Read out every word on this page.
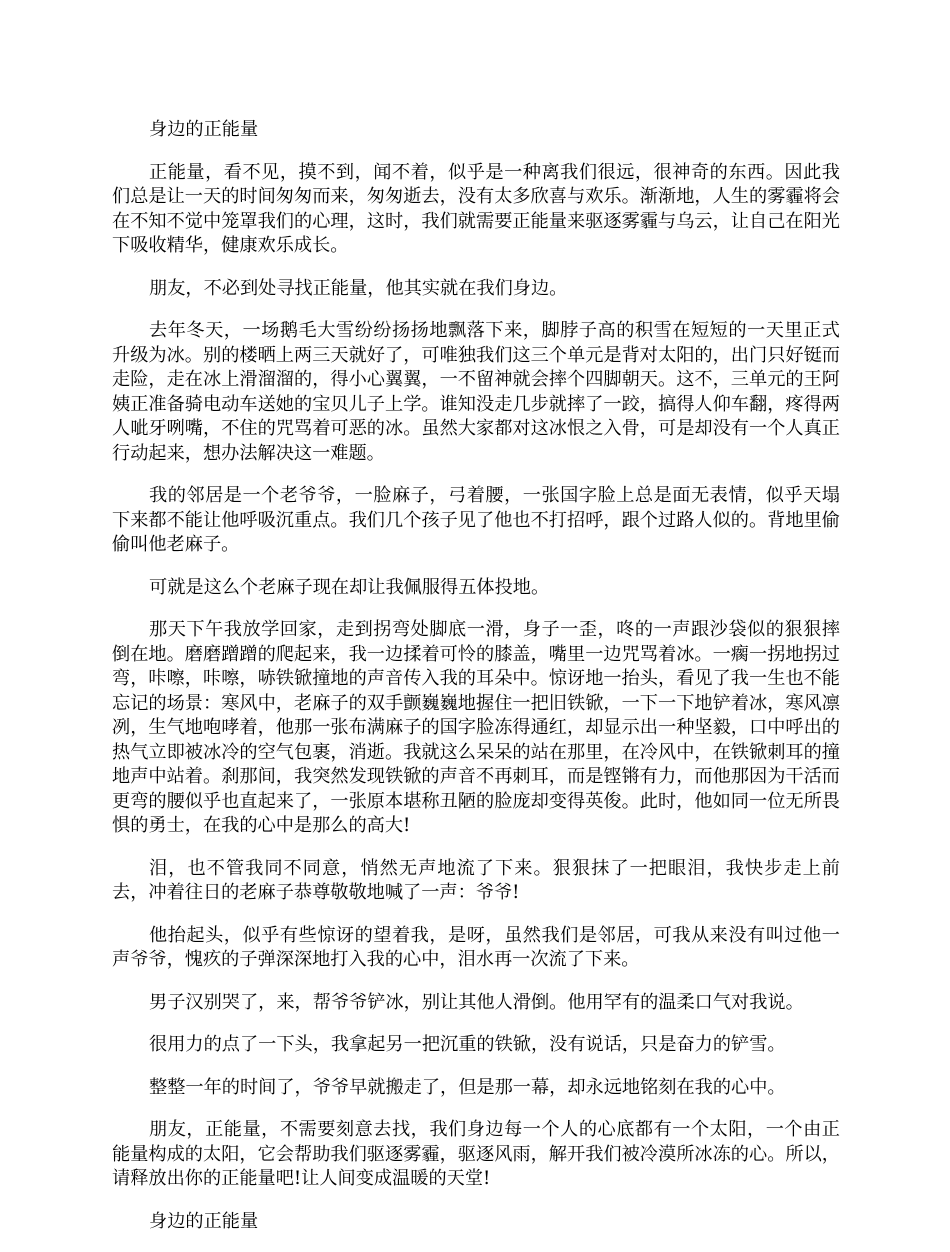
身边的正能量

正能量，看不见，摸不到，闻不着，似乎是一种离我们很远，很神奇的东西。因此我们总是让一天的时间匆匆而来，匆匆逝去，没有太多欣喜与欢乐。渐渐地，人生的雾霾将会在不知不觉中笼罩我们的心理，这时，我们就需要正能量来驱逐雾霾与乌云，让自己在阳光下吸收精华，健康欢乐成长。

朋友，不必到处寻找正能量，他其实就在我们身边。

去年冬天，一场鹅毛大雪纷纷扬扬地飘落下来，脚脖子高的积雪在短短的一天里正式升级为冰。别的楼晒上两三天就好了，可唯独我们这三个单元是背对太阳的，出门只好铤而走险，走在冰上滑溜溜的，得小心翼翼，一不留神就会摔个四脚朝天。这不，三单元的王阿姨正准备骑电动车送她的宝贝儿子上学。谁知没走几步就摔了一跤，搞得人仰车翻，疼得两人呲牙咧嘴，不住的咒骂着可恶的冰。虽然大家都对这冰恨之入骨，可是却没有一个人真正行动起来，想办法解决这一难题。

我的邻居是一个老爷爷，一脸麻子，弓着腰，一张国字脸上总是面无表情，似乎天塌下来都不能让他呼吸沉重点。我们几个孩子见了他也不打招呼，跟个过路人似的。背地里偷偷叫他老麻子。

可就是这么个老麻子现在却让我佩服得五体投地。

那天下午我放学回家，走到拐弯处脚底一滑，身子一歪，咚的一声跟沙袋似的狠狠摔倒在地。磨磨蹭蹭的爬起来，我一边揉着可怜的膝盖，嘴里一边咒骂着冰。一瘸一拐地拐过弯，咔嚓，咔嚓，哧铁锨撞地的声音传入我的耳朵中。惊讶地一抬头，看见了我一生也不能忘记的场景：寒风中，老麻子的双手颤巍巍地握住一把旧铁锨，一下一下地铲着冰，寒风凛冽，生气地咆哮着，他那一张布满麻子的国字脸冻得通红，却显示出一种坚毅，口中呼出的热气立即被冰冷的空气包裹，消逝。我就这么呆呆的站在那里，在冷风中，在铁锨刺耳的撞地声中站着。刹那间，我突然发现铁锨的声音不再刺耳，而是铿锵有力，而他那因为干活而更弯的腰似乎也直起来了，一张原本堪称丑陋的脸庞却变得英俊。此时，他如同一位无所畏惧的勇士，在我的心中是那么的高大!

泪，也不管我同不同意，悄然无声地流了下来。狠狠抹了一把眼泪，我快步走上前去，冲着往日的老麻子恭尊敬敬地喊了一声：爷爷!

他抬起头，似乎有些惊讶的望着我，是呀，虽然我们是邻居，可我从来没有叫过他一声爷爷，愧疚的子弹深深地打入我的心中，泪水再一次流了下来。

男子汉别哭了，来，帮爷爷铲冰，别让其他人滑倒。他用罕有的温柔口气对我说。

很用力的点了一下头，我拿起另一把沉重的铁锨，没有说话，只是奋力的铲雪。

整整一年的时间了，爷爷早就搬走了，但是那一幕，却永远地铭刻在我的心中。

朋友，正能量，不需要刻意去找，我们身边每一个人的心底都有一个太阳，一个由正能量构成的太阳，它会帮助我们驱逐雾霾，驱逐风雨，解开我们被冷漠所冰冻的心。所以，请释放出你的正能量吧!让人间变成温暖的天堂!

身边的正能量
